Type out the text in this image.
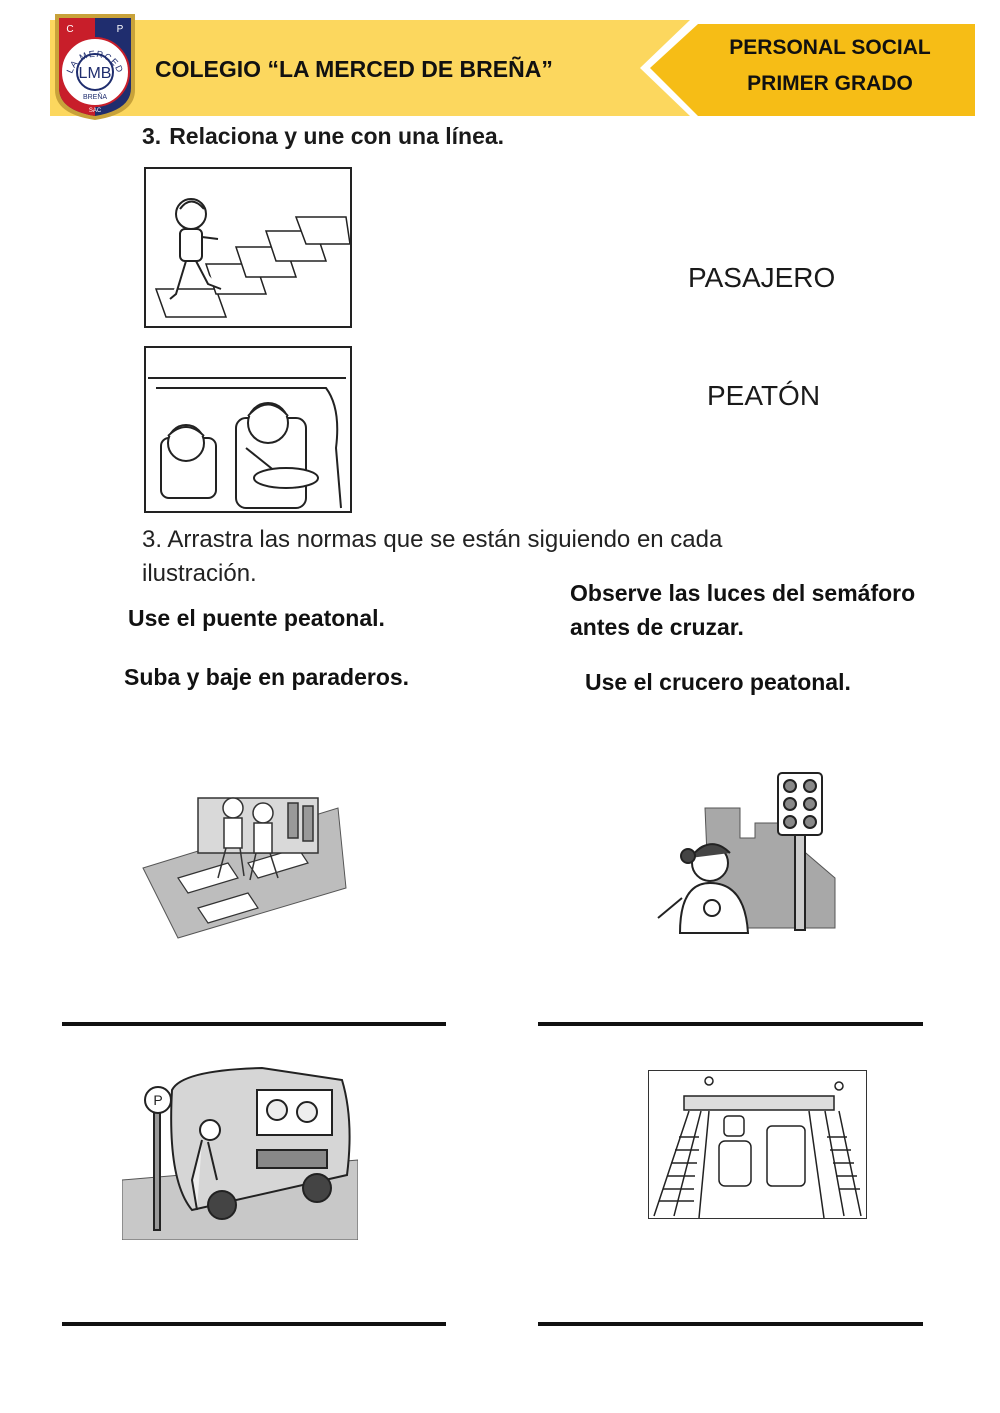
LMB
LA MERCED
BREÑA
SAC
C	P
COLEGIO “LA MERCED DE BREÑA”
PERSONAL SOCIAL
PRIMER GRADO
3. Relaciona y une con una línea.
PASAJERO
PEATÓN
3. Arrastra las normas que se están siguiendo en cada ilustración.
Use el puente peatonal.
Observe las luces del semáforo antes de cruzar.
Suba y baje en paraderos.	Use el crucero peatonal.
P
